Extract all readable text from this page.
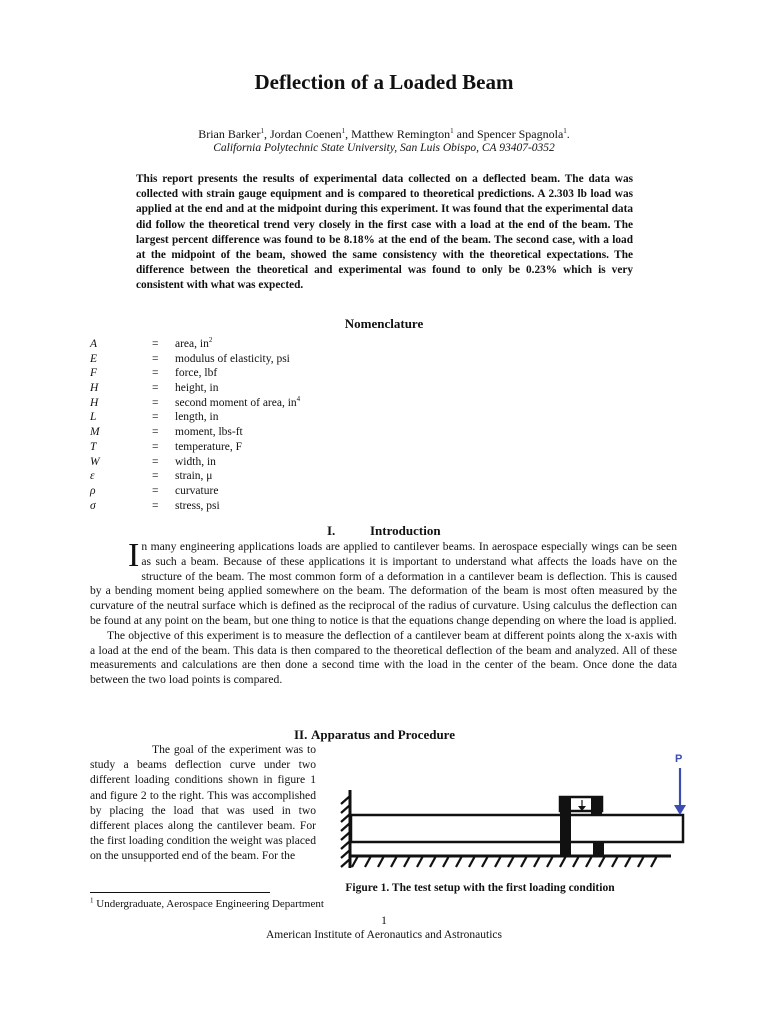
Deflection of a Loaded Beam
Brian Barker$^1$, Jordan Coenen$^1$, Matthew Remington$^1$ and Spencer Spagnola$^1$.
California Polytechnic State University, San Luis Obispo, CA 93407-0352
This report presents the results of experimental data collected on a deflected beam. The data was collected with strain gauge equipment and is compared to theoretical predictions. A 2.303 lb load was applied at the end and at the midpoint during this experiment. It was found that the experimental data did follow the theoretical trend very closely in the first case with a load at the end of the beam. The largest percent difference was found to be 8.18% at the end of the beam. The second case, with a load at the midpoint of the beam, showed the same consistency with the theoretical expectations. The difference between the theoretical and experimental was found to only be 0.23% which is very consistent with what was expected.
Nomenclature
A	= area, $in^2$
E	= modulus of elasticity, psi
F	= force, lbf
H	= height, in
H	= second moment of area, $in^4$
L	= length, in
M	= moment, lbs-ft
T	= temperature, F
W	= width, in
ε	= strain, μ
ρ	= curvature
σ	= stress, psi
I.	Introduction

In many engineering applications loads are applied to cantilever beams. In aerospace especially wings can be seen as such a beam. Because of these applications it is important to understand what affects the loads have on the structure of the beam. The most common form of a deformation in a cantilever beam is deflection. This is caused by a bending moment being applied somewhere on the beam. The deformation of the beam is most often measured by the curvature of the neutral surface which is defined as the reciprocal of the radius of curvature. Using calculus the deflection can be found at any point on the beam, but one thing to notice is that the equations change depending on where the load is applied.

The objective of this experiment is to measure the deflection of a cantilever beam at different points along the x-axis with a load at the end of the beam. This data is then compared to the theoretical deflection of the beam and analyzed. All of these measurements and calculations are then done a second time with the load in the center of the beam. Once done the data between the two load points is compared.

II. Apparatus and Procedure

The goal of the experiment was to study a beams deflection curve under two different loading conditions shown in figure 1 and figure 2 to the right. This was accomplished by placing the load that was used in two different places along the cantilever beam. For the first loading condition the weight was placed on the unsupported end of the beam. For the

P
Figure 1. The test setup with the first loading condition
$^1$ Undergraduate, Aerospace Engineering Department
1
American Institute of Aeronautics and Astronautics
